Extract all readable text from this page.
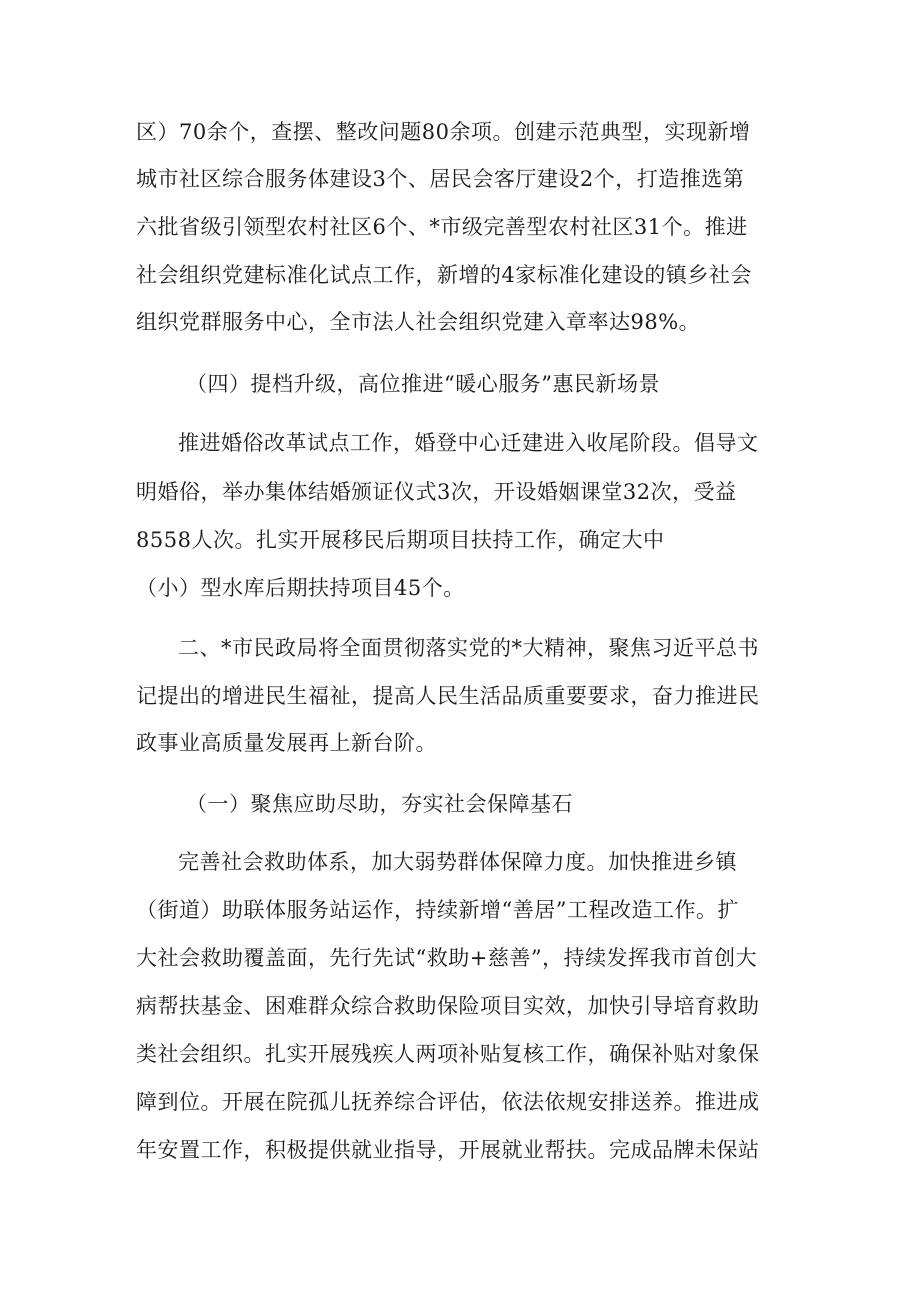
区）70余个，查摆、整改问题80余项。创建示范典型，实现新增
城市社区综合服务体建设3个、居民会客厅建设2个，打造推选第
六批省级引领型农村社区6个、*市级完善型农村社区31个。推进
社会组织党建标准化试点工作，新增的4家标准化建设的镇乡社会
组织党群服务中心，全市法人社会组织党建入章率达98%。
（四）提档升级，高位推进“暖心服务”惠民新场景
推进婚俗改革试点工作，婚登中心迁建进入收尾阶段。倡导文
明婚俗，举办集体结婚颁证仪式3次，开设婚姻课堂32次，受益
8558人次。扎实开展移民后期项目扶持工作，确定大中
（小）型水库后期扶持项目45个。
二、*市民政局将全面贯彻落实党的*大精神，聚焦习近平总书
记提出的增进民生福祉，提高人民生活品质重要要求，奋力推进民
政事业高质量发展再上新台阶。
（一）聚焦应助尽助，夯实社会保障基石
完善社会救助体系，加大弱势群体保障力度。加快推进乡镇
（街道）助联体服务站运作，持续新增“善居”工程改造工作。扩
大社会救助覆盖面，先行先试“救助+慈善”，持续发挥我市首创大
病帮扶基金、困难群众综合救助保险项目实效，加快引导培育救助
类社会组织。扎实开展残疾人两项补贴复核工作，确保补贴对象保
障到位。开展在院孤儿抚养综合评估，依法依规安排送养。推进成
年安置工作，积极提供就业指导，开展就业帮扶。完成品牌未保站
